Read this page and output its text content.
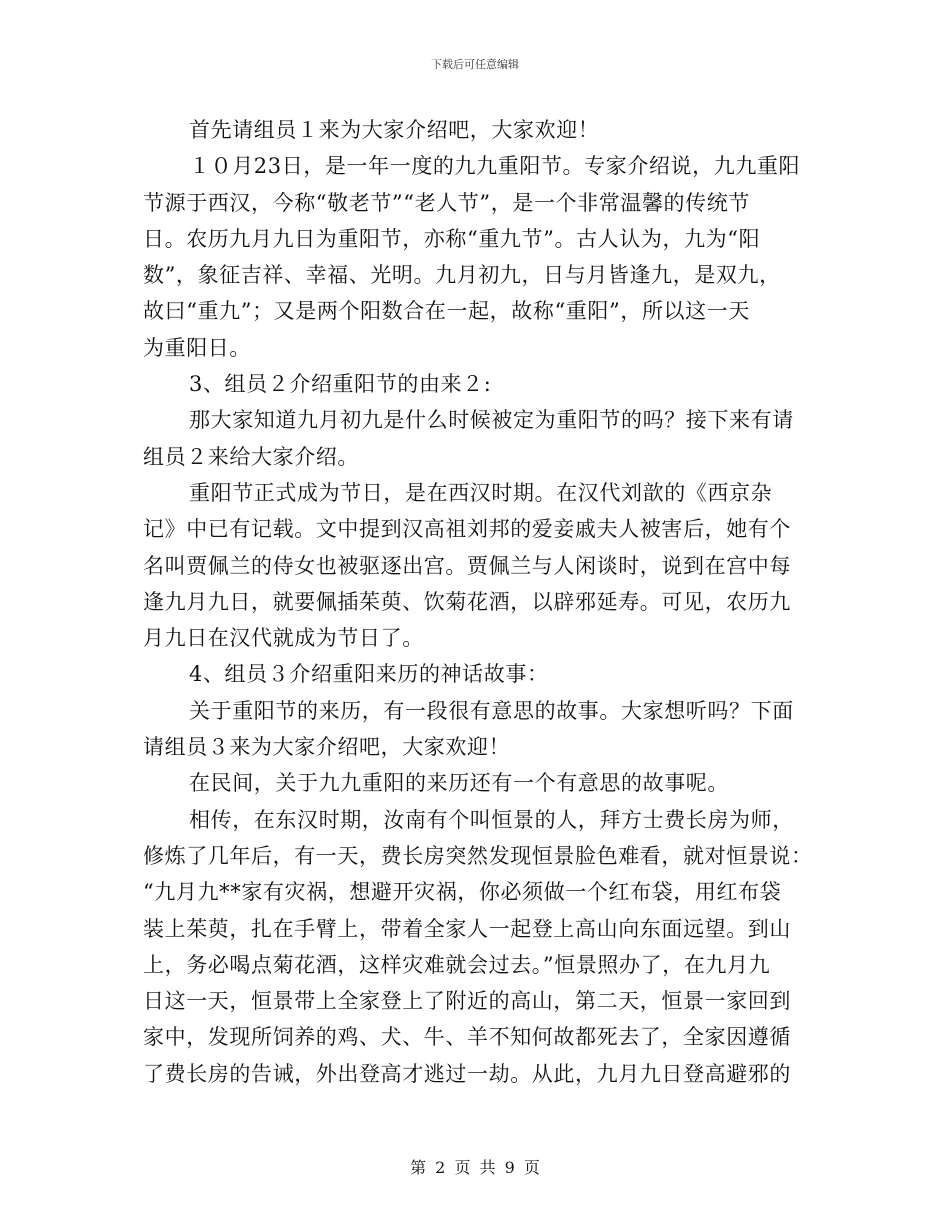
下载后可任意编辑
首先请组员１来为大家介绍吧，大家欢迎！
１０月23日，是一年一度的九九重阳节。专家介绍说，九九重阳
节源于西汉，今称“敬老节”“老人节”，是一个非常温馨的传统节
日。农历九月九日为重阳节，亦称“重九节”。古人认为，九为“阳
数”，象征吉祥、幸福、光明。九月初九，日与月皆逢九，是双九，
故曰“重九”；又是两个阳数合在一起，故称“重阳”，所以这一天
为重阳日。
3、组员２介绍重阳节的由来２:
那大家知道九月初九是什么时候被定为重阳节的吗？接下来有请
组员２来给大家介绍。
重阳节正式成为节日，是在西汉时期。在汉代刘歆的《西京杂
记》中已有记载。文中提到汉高祖刘邦的爱妾戚夫人被害后，她有个
名叫贾佩兰的侍女也被驱逐出宫。贾佩兰与人闲谈时，说到在宫中每
逢九月九日，就要佩插茱萸、饮菊花酒，以辟邪延寿。可见，农历九
月九日在汉代就成为节日了。
4、组员３介绍重阳来历的神话故事：
关于重阳节的来历，有一段很有意思的故事。大家想听吗？下面
请组员３来为大家介绍吧，大家欢迎！
在民间，关于九九重阳的来历还有一个有意思的故事呢。
相传，在东汉时期，汝南有个叫恒景的人，拜方士费长房为师，
修炼了几年后，有一天，费长房突然发现恒景脸色难看，就对恒景说：
“九月九**家有灾祸，想避开灾祸，你必须做一个红布袋，用红布袋
装上茱萸，扎在手臂上，带着全家人一起登上高山向东面远望。到山
上，务必喝点菊花酒，这样灾难就会过去。”恒景照办了，在九月九
日这一天，恒景带上全家登上了附近的高山，第二天，恒景一家回到
家中，发现所饲养的鸡、犬、牛、羊不知何故都死去了，全家因遵循
了费长房的告诫，外出登高才逃过一劫。从此，九月九日登高避邪的
第 2 页 共 9 页
